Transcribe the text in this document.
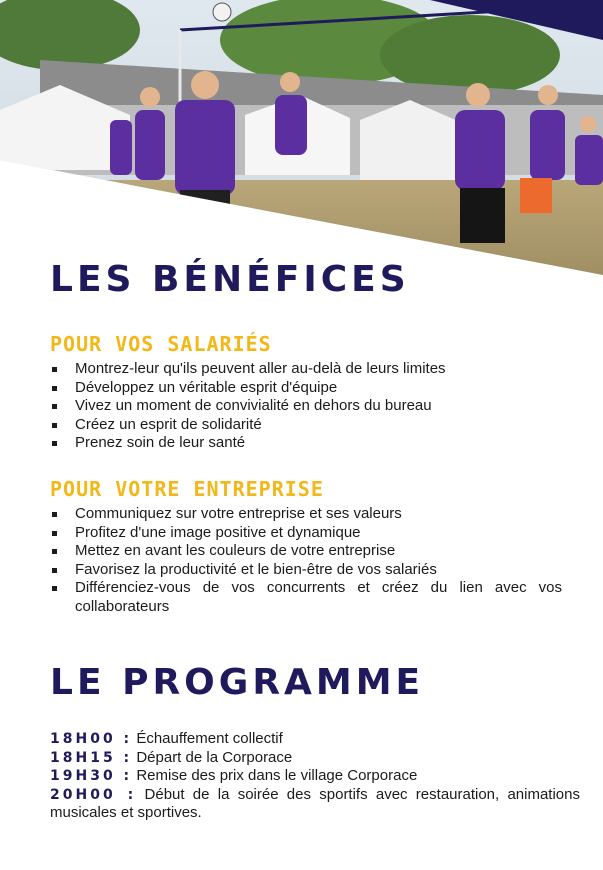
LES BÉNÉFICES
POUR VOS SALARIÉS
Montrez-leur qu'ils peuvent aller au-delà de leurs limites
Développez un véritable esprit d'équipe
Vivez un moment de convivialité en dehors du bureau
Créez un esprit de solidarité
Prenez soin de leur santé
POUR VOTRE ENTREPRISE
Communiquez sur votre entreprise et ses valeurs
Profitez d'une image positive et dynamique
Mettez en avant les couleurs de votre entreprise
Favorisez la productivité et le bien-être de vos salariés
Différenciez-vous de vos concurrents et créez du lien avec vos collaborateurs
LE PROGRAMME
18H00 : Échauffement collectif
18H15 : Départ de la Corporace
19H30 : Remise des prix dans le village Corporace
20H00 : Début de la soirée des sportifs avec restauration, animations musicales et sportives.
